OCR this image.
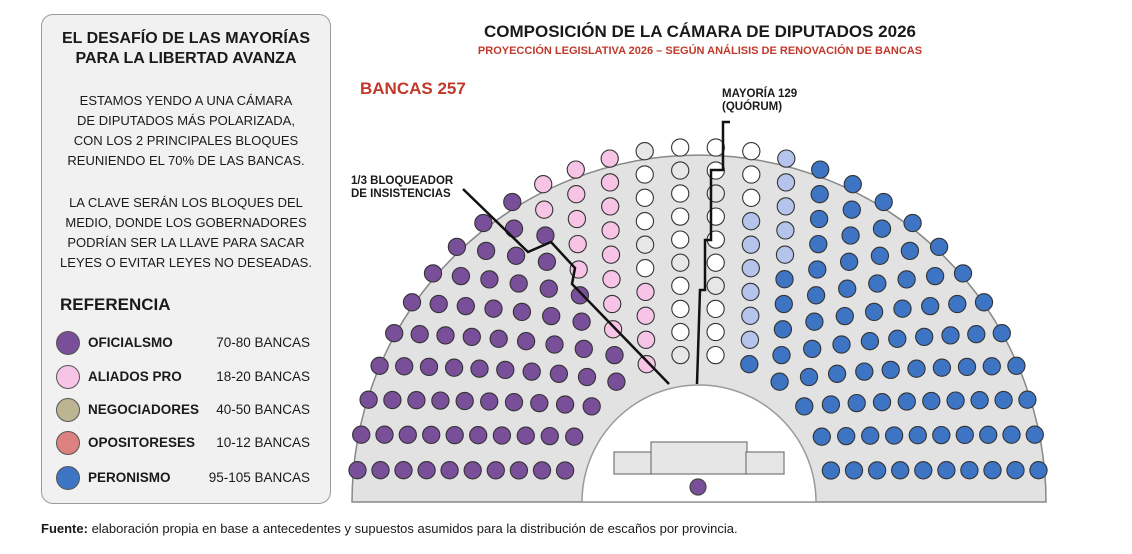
EL DESAFÍO DE LAS MAYORÍAS
PARA LA LIBERTAD AVANZA
ESTAMOS YENDO A UNA CÁMARA
DE DIPUTADOS MÁS POLARIZADA,
CON LOS 2 PRINCIPALES BLOQUES
REUNIENDO EL 70% DE LAS BANCAS.
LA CLAVE SERÁN LOS BLOQUES DEL
MEDIO, DONDE LOS GOBERNADORES
PODRÍAN SER LA LLAVE PARA SACAR
LEYES O EVITAR LEYES NO DESEADAS.
REFERENCIA
OFICIALSMO	70-80 BANCAS
ALIADOS PRO	18-20 BANCAS
NEGOCIADORES 40-50 BANCAS
OPOSITORESES 10-12 BANCAS
PERONISMO	95-105 BANCAS
COMPOSICIÓN DE LA CÁMARA DE DIPUTADOS 2026
PROYECCIÓN LEGISLATIVA 2026 – SEGÚN ANÁLISIS DE RENOVACIÓN DE BANCAS
BANCAS 257	MAYORÍA 129
(QUÓRUM)
1/3 BLOQUEADOR
DE INSISTENCIAS
Fuente: elaboración propia en base a antecedentes y supuestos asumidos para la distribución de escaños por provincia.
